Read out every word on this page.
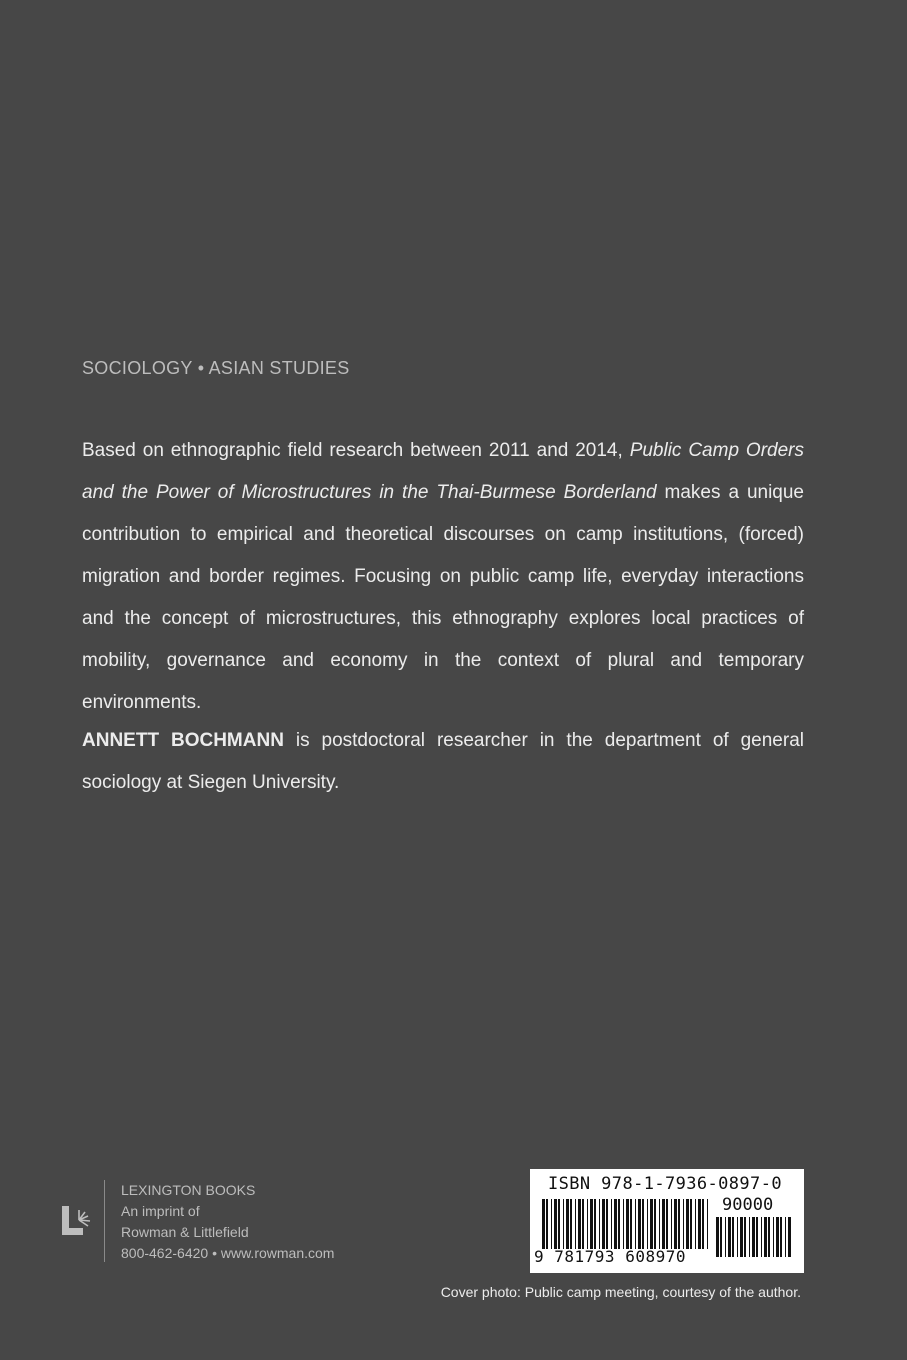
SOCIOLOGY • ASIAN STUDIES

Based on ethnographic field research between 2011 and 2014, Public Camp Orders and the Power of Microstructures in the Thai-Burmese Borderland makes a unique contribution to empirical and theoretical discourses on camp institutions, (forced) migration and border regimes. Focusing on public camp life, everyday interactions and the concept of microstructures, this ethnography explores local practices of mobility, governance and economy in the context of plural and temporary environments.

ANNETT BOCHMANN is postdoctoral researcher in the department of general sociology at Siegen University.

LEXINGTON BOOKS
An imprint of
Rowman & Littlefield
800-462-6420 • www.rowman.com
ISBN 978-1-7936-0897-0
90000
9 781793 608970
Cover photo: Public camp meeting, courtesy of the author.
